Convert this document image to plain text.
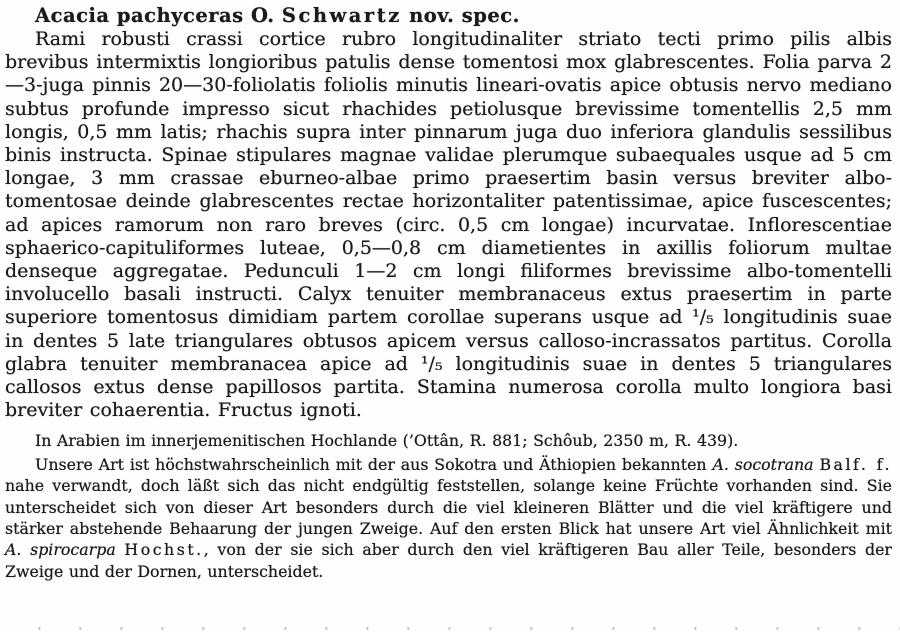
Acacia pachyceras O. Schwartz nov. spec.

Rami robusti crassi cortice rubro longitudinaliter striato tecti primo pilis albis brevibus intermixtis longioribus patulis dense tomentosi mox glabrescentes. Folia parva 2—3-juga pinnis 20—30-foliolatis foliolis minutis lineari-ovatis apice obtusis nervo mediano subtus profunde impresso sicut rhachides petiolusque brevissime tomentellis 2,5 mm longis, 0,5 mm latis; rhachis supra inter pinnarum juga duo inferiora glandulis sessilibus binis instructa. Spinae stipulares magnae validae plerumque subaequales usque ad 5 cm longae, 3 mm crassae eburneo-albae primo praesertim basin versus breviter albo-tomentosae deinde glabrescentes rectae horizontaliter patentissimae, apice fuscescentes; ad apices ramorum non raro breves (circ. 0,5 cm longae) incurvatae. Inflorescentiae sphaerico-capituliformes luteae, 0,5—0,8 cm diametientes in axillis foliorum multae denseque aggregatae. Pedunculi 1—2 cm longi filiformes brevissime albo-tomentelli involucello basali instructi. Calyx tenuiter membranaceus extus praesertim in parte superiore tomentosus dimidiam partem corollae superans usque ad ¹/₅ longitudinis suae in dentes 5 late triangulares obtusos apicem versus calloso-incrassatos partitus. Corolla glabra tenuiter membranacea apice ad ¹/₅ longitudinis suae in dentes 5 triangulares callosos extus dense papillosos partita. Stamina numerosa corolla multo longiora basi breviter cohaerentia. Fructus ignoti.

In Arabien im innerjemenitischen Hochlande (’Ottân, R. 881; Schôub, 2350 m, R. 439).

Unsere Art ist höchstwahrscheinlich mit der aus Sokotra und Äthiopien bekannten A. socotrana Balf. f. nahe verwandt, doch läßt sich das nicht endgültig feststellen, solange keine Früchte vorhanden sind. Sie unterscheidet sich von dieser Art besonders durch die viel kleineren Blätter und die viel kräftigere und stärker abstehende Behaarung der jungen Zweige. Auf den ersten Blick hat unsere Art viel Ähnlichkeit mit A. spirocarpa Hochst., von der sie sich aber durch den viel kräftigeren Bau aller Teile, besonders der Zweige und der Dornen, unterscheidet.
